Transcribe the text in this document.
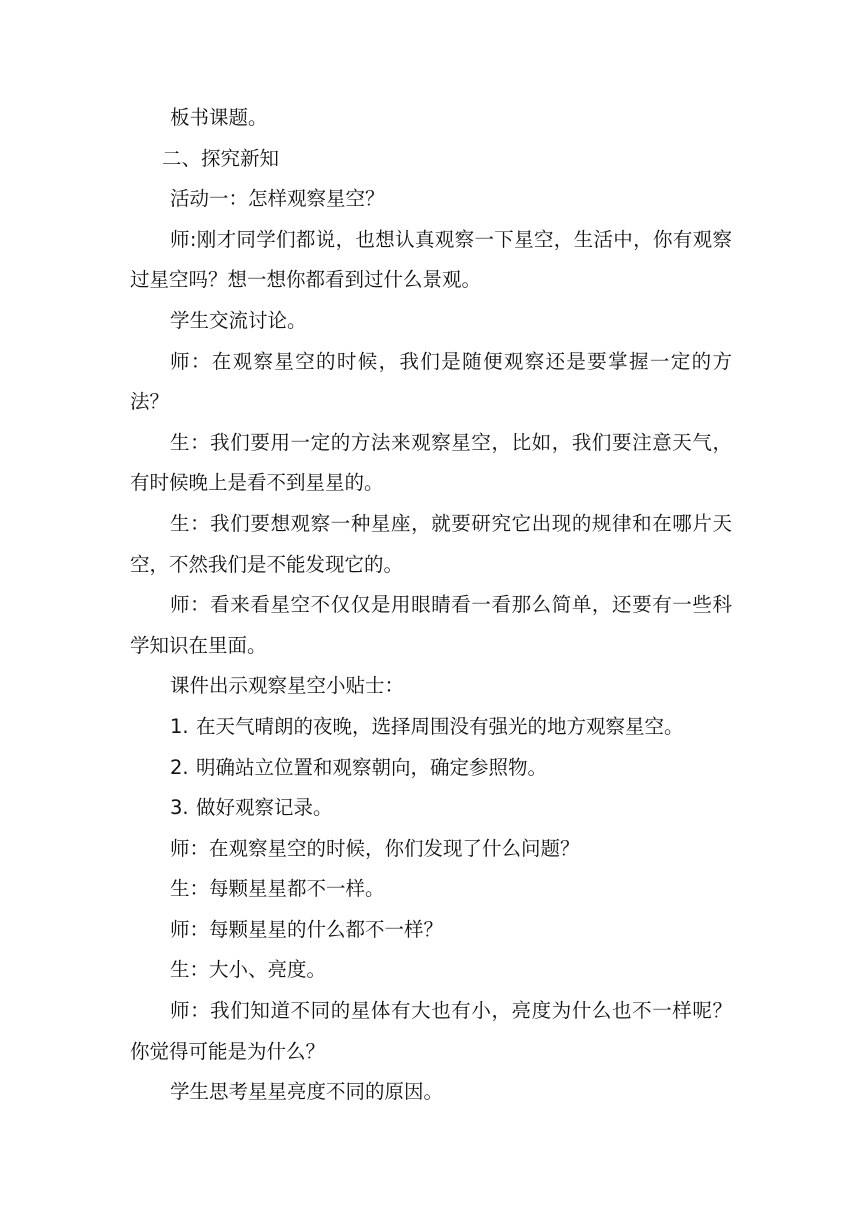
板书课题。

二、探究新知

活动一：怎样观察星空？

师:刚才同学们都说，也想认真观察一下星空，生活中，你有观察过星空吗？想一想你都看到过什么景观。

学生交流讨论。

师：在观察星空的时候，我们是随便观察还是要掌握一定的方法？

生：我们要用一定的方法来观察星空，比如，我们要注意天气，有时候晚上是看不到星星的。

生：我们要想观察一种星座，就要研究它出现的规律和在哪片天空，不然我们是不能发现它的。

师：看来看星空不仅仅是用眼睛看一看那么简单，还要有一些科学知识在里面。

课件出示观察星空小贴士：

1. 在天气晴朗的夜晚，选择周围没有强光的地方观察星空。

2. 明确站立位置和观察朝向，确定参照物。

3. 做好观察记录。

师：在观察星空的时候，你们发现了什么问题？

生：每颗星星都不一样。

师：每颗星星的什么都不一样？

生：大小、亮度。

师：我们知道不同的星体有大也有小，亮度为什么也不一样呢？你觉得可能是为什么？

学生思考星星亮度不同的原因。
